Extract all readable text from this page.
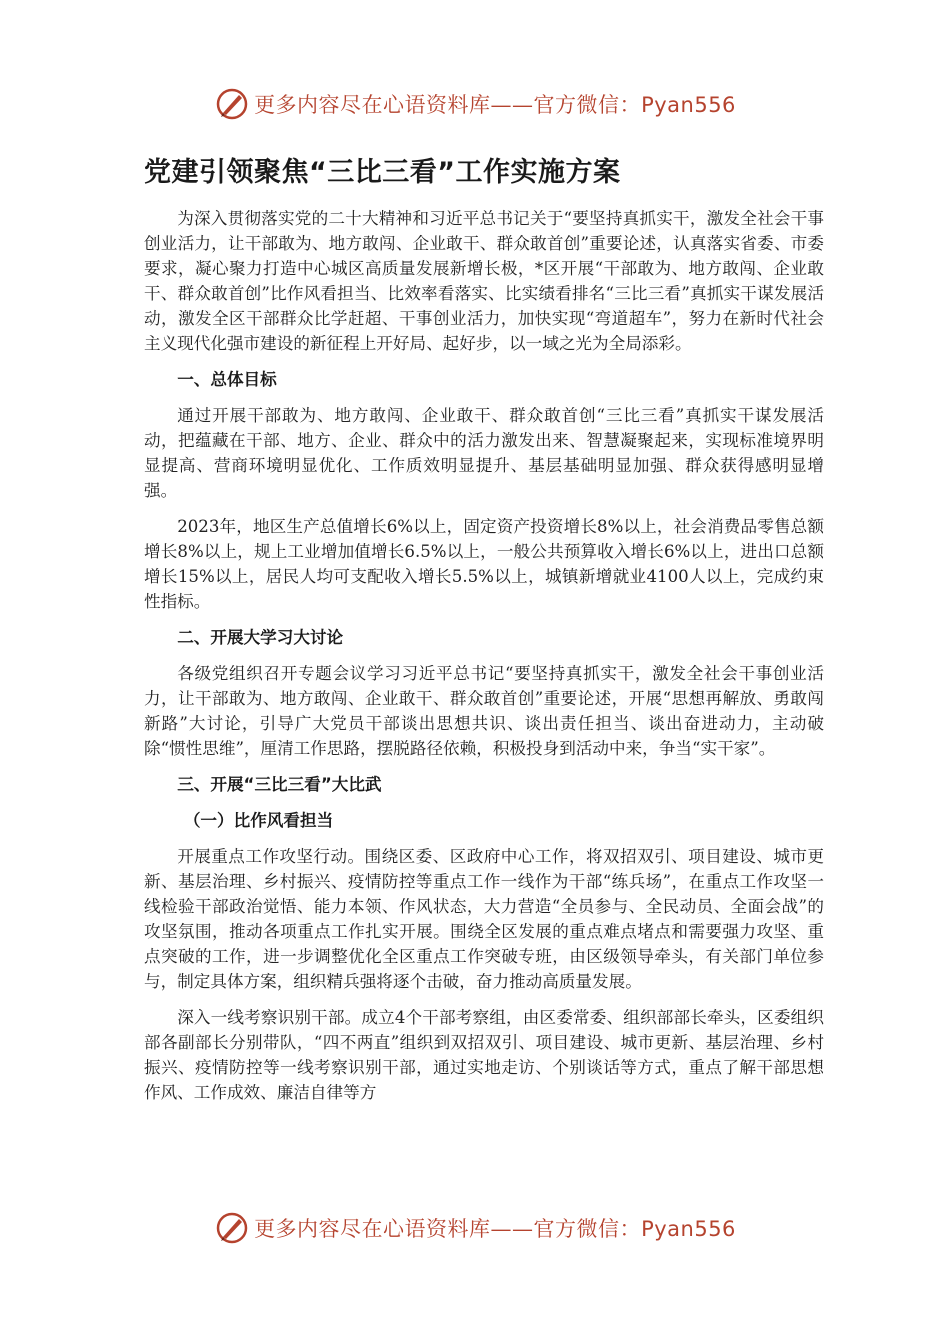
更多内容尽在心语资料库——官方微信：Pyan556
党建引领聚焦“三比三看”工作实施方案

为深入贯彻落实党的二十大精神和习近平总书记关于“要坚持真抓实干，激发全社会干事创业活力，让干部敢为、地方敢闯、企业敢干、群众敢首创”重要论述，认真落实省委、市委要求，凝心聚力打造中心城区高质量发展新增长极，*区开展“干部敢为、地方敢闯、企业敢干、群众敢首创”比作风看担当、比效率看落实、比实绩看排名“三比三看”真抓实干谋发展活动，激发全区干部群众比学赶超、干事创业活力，加快实现“弯道超车”，努力在新时代社会主义现代化强市建设的新征程上开好局、起好步，以一域之光为全局添彩。

一、总体目标

通过开展干部敢为、地方敢闯、企业敢干、群众敢首创“三比三看”真抓实干谋发展活动，把蕴藏在干部、地方、企业、群众中的活力激发出来、智慧凝聚起来，实现标准境界明显提高、营商环境明显优化、工作质效明显提升、基层基础明显加强、群众获得感明显增强。

2023年，地区生产总值增长6%以上，固定资产投资增长8%以上，社会消费品零售总额增长8%以上，规上工业增加值增长6.5%以上，一般公共预算收入增长6%以上，进出口总额增长15%以上，居民人均可支配收入增长5.5%以上，城镇新增就业4100人以上，完成约束性指标。

二、开展大学习大讨论

各级党组织召开专题会议学习习近平总书记“要坚持真抓实干，激发全社会干事创业活力，让干部敢为、地方敢闯、企业敢干、群众敢首创”重要论述，开展“思想再解放、勇敢闯新路”大讨论，引导广大党员干部谈出思想共识、谈出责任担当、谈出奋进动力，主动破除“惯性思维”，厘清工作思路，摆脱路径依赖，积极投身到活动中来，争当“实干家”。

三、开展“三比三看”大比武

（一）比作风看担当

开展重点工作攻坚行动。围绕区委、区政府中心工作，将双招双引、项目建设、城市更新、基层治理、乡村振兴、疫情防控等重点工作一线作为干部“练兵场”，在重点工作攻坚一线检验干部政治觉悟、能力本领、作风状态，大力营造“全员参与、全民动员、全面会战”的攻坚氛围，推动各项重点工作扎实开展。围绕全区发展的重点难点堵点和需要强力攻坚、重点突破的工作，进一步调整优化全区重点工作突破专班，由区级领导牵头，有关部门单位参与，制定具体方案，组织精兵强将逐个击破，奋力推动高质量发展。

深入一线考察识别干部。成立4个干部考察组，由区委常委、组织部部长牵头，区委组织部各副部长分别带队，“四不两直”组织到双招双引、项目建设、城市更新、基层治理、乡村振兴、疫情防控等一线考察识别干部，通过实地走访、个别谈话等方式，重点了解干部思想作风、工作成效、廉洁自律等方

更多内容尽在心语资料库——官方微信：Pyan556
